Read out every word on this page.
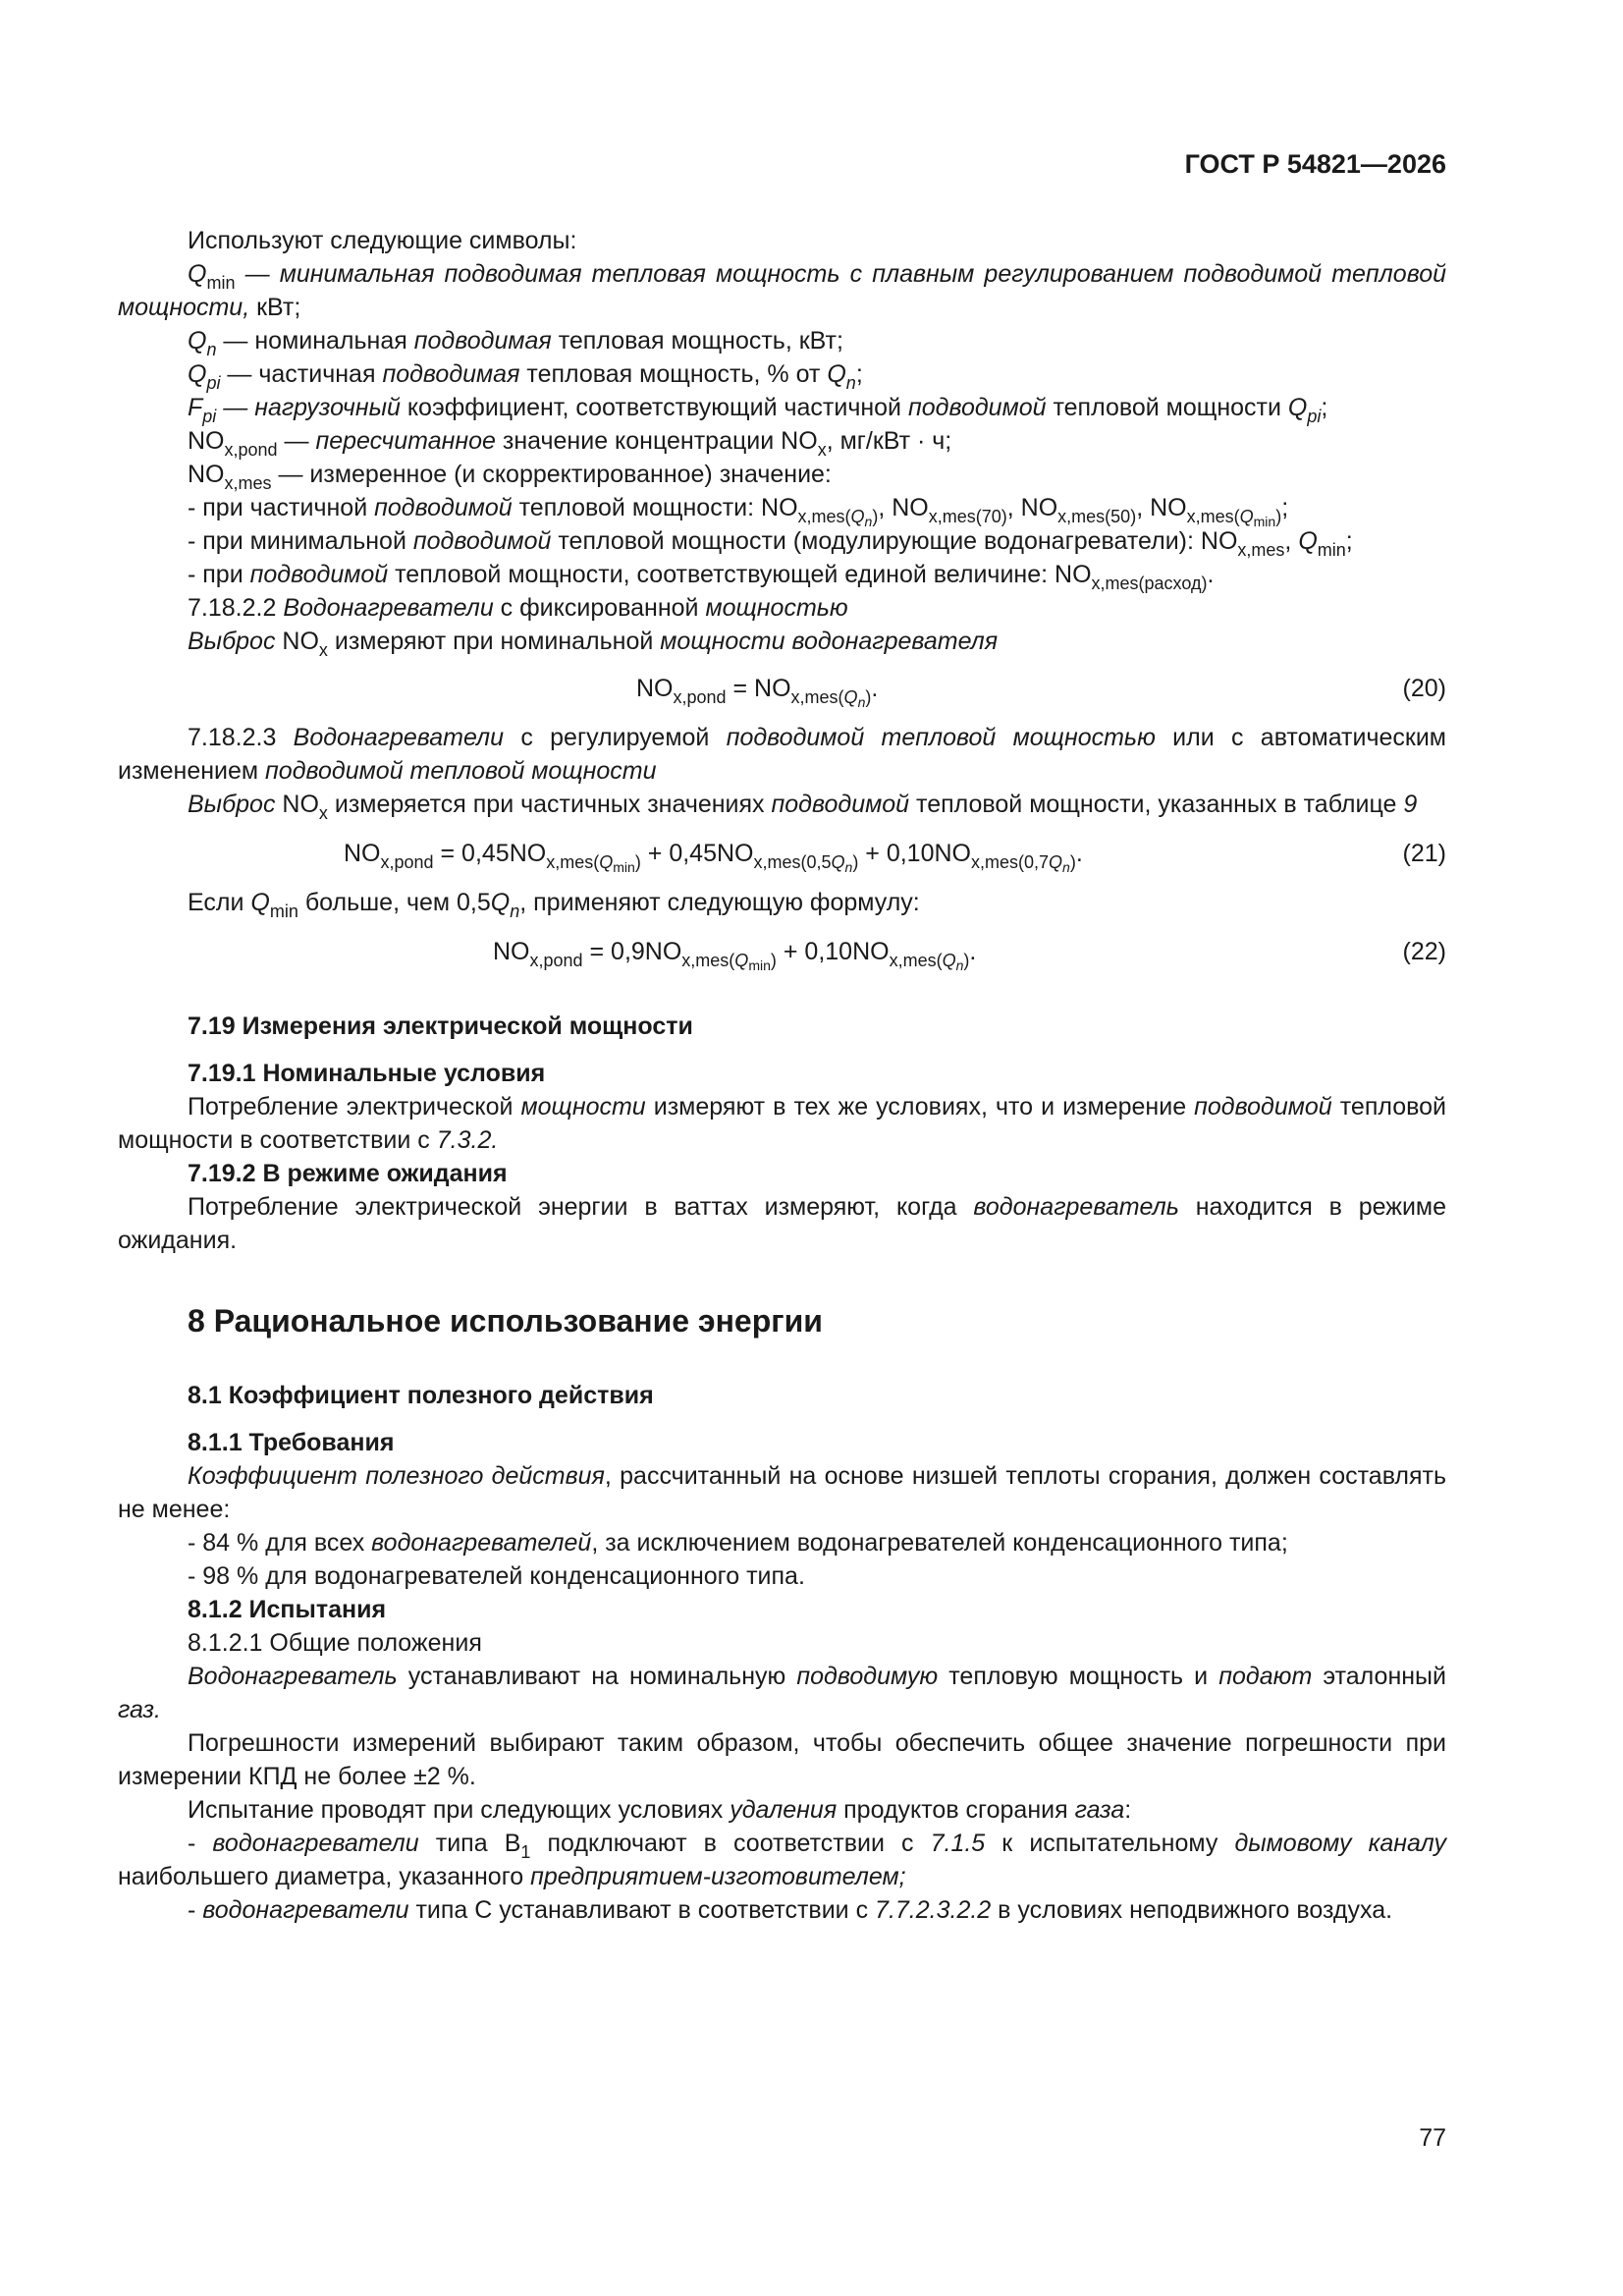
ГОСТ Р 54821—2026

Используют следующие символы:

$Q_{min}$ — минимальная подводимая тепловая мощность с плавным регулированием подводимой тепловой мощности, кВт;

$Q_n$ — номинальная подводимая тепловая мощность, кВт;

$Q_{pi}$ — частичная подводимая тепловая мощность, % от $Q_n$;

$F_{pi}$ — нагрузочный коэффициент, соответствующий частичной подводимой тепловой мощности $Q_{pi}$;

$NO_{x,pond}$ — пересчитанное значение концентрации $NO_x$, мг/кВт · ч;

$NO_{x,mes}$ — измеренное (и скорректированное) значение:

- при частичной подводимой тепловой мощности: $NO_{x,mes(Q_n)}$, $NO_{x,mes(70)}$, $NO_{x,mes(50)}$, $NO_{x,mes(Q_{min})}$;

- при минимальной подводимой тепловой мощности (модулирующие водонагреватели): $NO_{x,mes}$, $Q_{min}$;

- при подводимой тепловой мощности, соответствующей единой величине: $NO_{x,mes(расход)}$.

7.18.2.2 Водонагреватели с фиксированной мощностью

Выброс $NO_x$ измеряют при номинальной мощности водонагревателя

$NO_{x,pond} = NO_{x,mes(Q_n)}$.	(20)

7.18.2.3 Водонагреватели с регулируемой подводимой тепловой мощностью или с автоматическим изменением подводимой тепловой мощности

Выброс $NO_x$ измеряется при частичных значениях подводимой тепловой мощности, указанных в таблице 9

$NO_{x,pond} = 0,45NO_{x,mes(Q_{min})} + 0,45NO_{x,mes(0,5Q_n)} + 0,10NO_{x,mes(0,7Q_n)}$.	(21)

Если $Q_{min}$ больше, чем $0,5Q_n$, применяют следующую формулу:

$NO_{x,pond} = 0,9NO_{x,mes(Q_{min})} + 0,10NO_{x,mes(Q_n)}$.	(22)

7.19 Измерения электрической мощности

7.19.1 Номинальные условия

Потребление электрической мощности измеряют в тех же условиях, что и измерение подводимой тепловой мощности в соответствии с 7.3.2.

7.19.2 В режиме ожидания

Потребление электрической энергии в ваттах измеряют, когда водонагреватель находится в режиме ожидания.

8 Рациональное использование энергии

8.1 Коэффициент полезного действия

8.1.1 Требования

Коэффициент полезного действия, рассчитанный на основе низшей теплоты сгорания, должен составлять не менее:

- 84 % для всех водонагревателей, за исключением водонагревателей конденсационного типа;

- 98 % для водонагревателей конденсационного типа.

8.1.2 Испытания

8.1.2.1 Общие положения

Водонагреватель устанавливают на номинальную подводимую тепловую мощность и подают эталонный газ.

Погрешности измерений выбирают таким образом, чтобы обеспечить общее значение погрешности при измерении КПД не более ±2 %.

Испытание проводят при следующих условиях удаления продуктов сгорания газа:

- водонагреватели типа $B_1$ подключают в соответствии с 7.1.5 к испытательному дымовому каналу наибольшего диаметра, указанного предприятием-изготовителем;

- водонагреватели типа С устанавливают в соответствии с 7.7.2.3.2.2 в условиях неподвижного воздуха.

77
